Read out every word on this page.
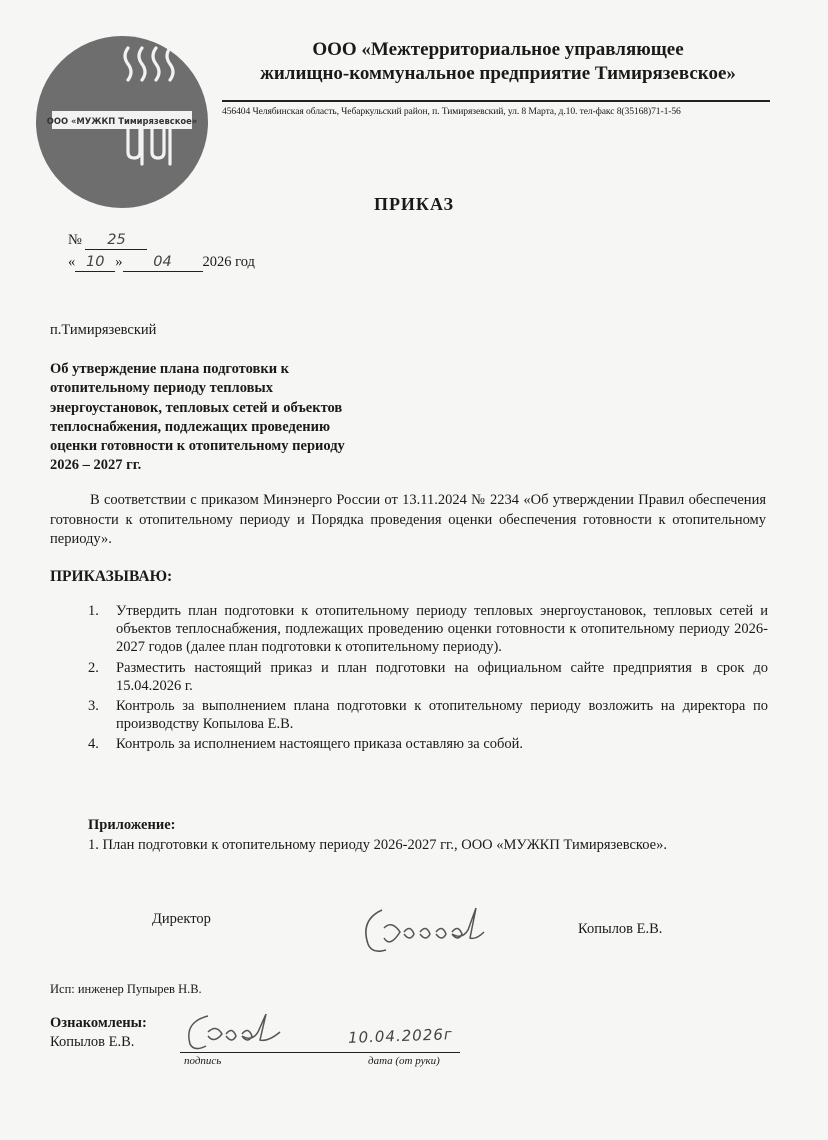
ООО «МУЖКП Тимирязевское»
ООО «Межтерриториальное управляющее
жилищно-коммунальное предприятие Тимирязевское»
456404 Челябинская область, Чебаркульский район, п. Тимирязевский, ул. 8 Марта, д.10. тел-факс 8(35168)71-1-56
ПРИКАЗ
№ 25
« 10 » 04 2026 год
п.Тимирязевский
Об утверждение плана подготовки к
отопительному периоду тепловых
энергоустановок, тепловых сетей и объектов
теплоснабжения, подлежащих проведению
оценки готовности к отопительному периоду
2026 – 2027 гг.
В соответствии с приказом Минэнерго России от 13.11.2024 № 2234 «Об утверждении Правил обеспечения готовности к отопительному периоду и Порядка проведения оценки обеспечения готовности к отопительному периоду».
ПРИКАЗЫВАЮ:
1. Утвердить план подготовки к отопительному периоду тепловых энергоустановок, тепловых сетей и объектов теплоснабжения, подлежащих проведению оценки готовности к отопительному периоду 2026-2027 годов (далее план подготовки к отопительному периоду).
2. Разместить настоящий приказ и план подготовки на официальном сайте предприятия в срок до 15.04.2026 г.
3. Контроль за выполнением плана подготовки к отопительному периоду возложить на директора по производству Копылова Е.В.
4. Контроль за исполнением настоящего приказа оставляю за собой.
Приложение:
1. План подготовки к отопительному периоду 2026-2027 гг., ООО «МУЖКП Тимирязевское».
Директор
Копылов Е.В.
Исп: инженер Пупырев Н.В.
Ознакомлены:
Копылов Е.В.	10.04.2026г
подпись	дата (от руки)
